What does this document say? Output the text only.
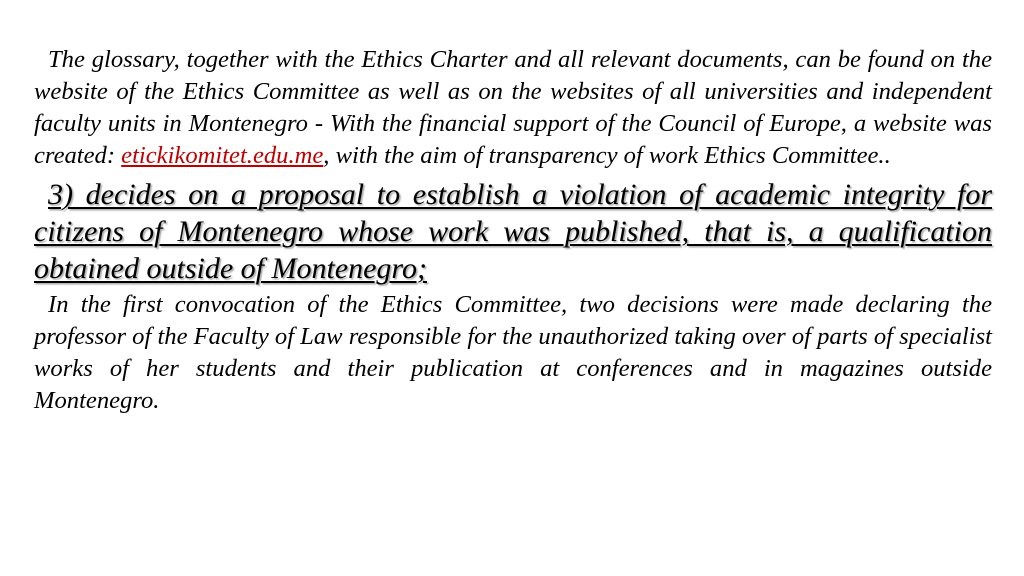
The glossary, together with the Ethics Charter and all relevant documents, can be found on the website of the Ethics Committee as well as on the websites of all universities and independent faculty units in Montenegro - With the financial support of the Council of Europe, a website was created: etickikomitet.edu.me, with the aim of transparency of work Ethics Committee..

3) decides on a proposal to establish a violation of academic integrity for citizens of Montenegro whose work was published, that is, a qualification obtained outside of Montenegro;

In the first convocation of the Ethics Committee, two decisions were made declaring the professor of the Faculty of Law responsible for the unauthorized taking over of parts of specialist works of her students and their publication at conferences and in magazines outside Montenegro.
